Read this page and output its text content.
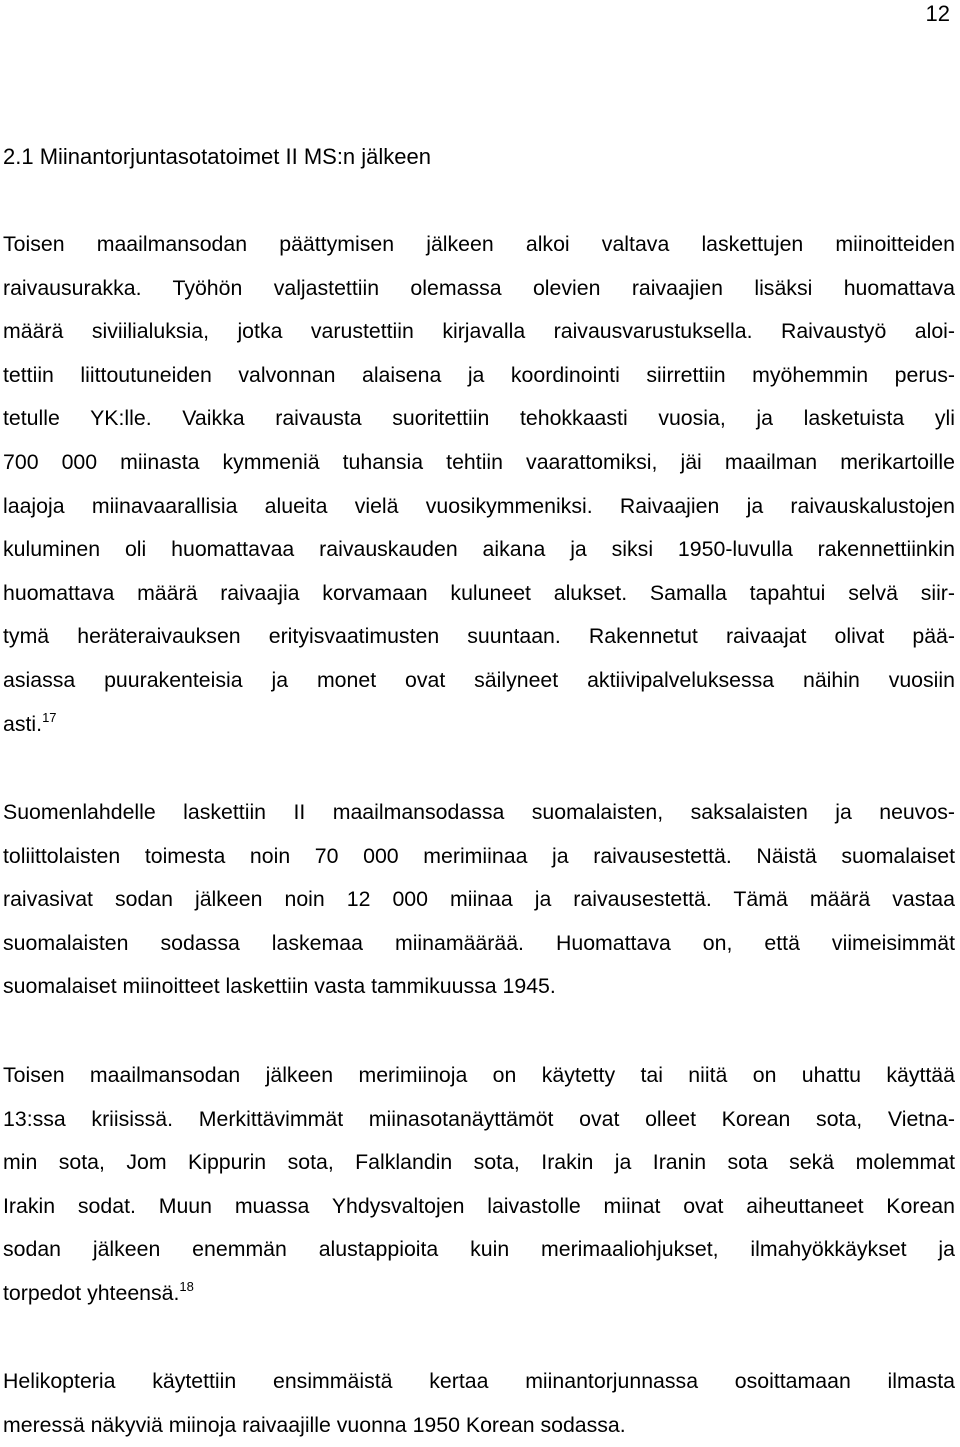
12
2.1 Miinantorjuntasotatoimet II MS:n jälkeen
Toisen maailmansodan päättymisen jälkeen alkoi valtava laskettujen miinoitteiden
raivausurakka. Työhön valjastettiin olemassa olevien raivaajien lisäksi huomattava
määrä siviilialuksia, jotka varustettiin kirjavalla raivausvarustuksella. Raivaustyö aloi-
tettiin liittoutuneiden valvonnan alaisena ja koordinointi siirrettiin myöhemmin perus-
tetulle YK:lle. Vaikka raivausta suoritettiin tehokkaasti vuosia, ja lasketuista yli
700 000 miinasta kymmeniä tuhansia tehtiin vaarattomiksi, jäi maailman merikartoille
laajoja miinavaarallisia alueita vielä vuosikymmeniksi. Raivaajien ja raivauskalustojen
kuluminen oli huomattavaa raivauskauden aikana ja siksi 1950-luvulla rakennettiinkin
huomattava määrä raivaajia korvamaan kuluneet alukset. Samalla tapahtui selvä siir-
tymä heräteraivauksen erityisvaatimusten suuntaan. Rakennetut raivaajat olivat pää-
asiassa puurakenteisia ja monet ovat säilyneet aktiivipalveluksessa näihin vuosiin
asti.$^{17}$
Suomenlahdelle laskettiin II maailmansodassa suomalaisten, saksalaisten ja neuvos-
toliittolaisten toimesta noin 70 000 merimiinaa ja raivausestettä. Näistä suomalaiset
raivasivat sodan jälkeen noin 12 000 miinaa ja raivausestettä. Tämä määrä vastaa
suomalaisten sodassa laskemaa miinamäärää. Huomattava on, että viimeisimmät
suomalaiset miinoitteet laskettiin vasta tammikuussa 1945.
Toisen maailmansodan jälkeen merimiinoja on käytetty tai niitä on uhattu käyttää
13:ssa kriisissä. Merkittävimmät miinasotanäyttämöt ovat olleet Korean sota, Vietna-
min sota, Jom Kippurin sota, Falklandin sota, Irakin ja Iranin sota sekä molemmat
Irakin sodat. Muun muassa Yhdysvaltojen laivastolle miinat ovat aiheuttaneet Korean
sodan jälkeen enemmän alustappioita kuin merimaaliohjukset, ilmahyökkäykset ja
torpedot yhteensä.$^{18}$
Helikopteria käytettiin ensimmäistä kertaa miinantorjunnassa osoittamaan ilmasta
meressä näkyviä miinoja raivaajille vuonna 1950 Korean sodassa.
